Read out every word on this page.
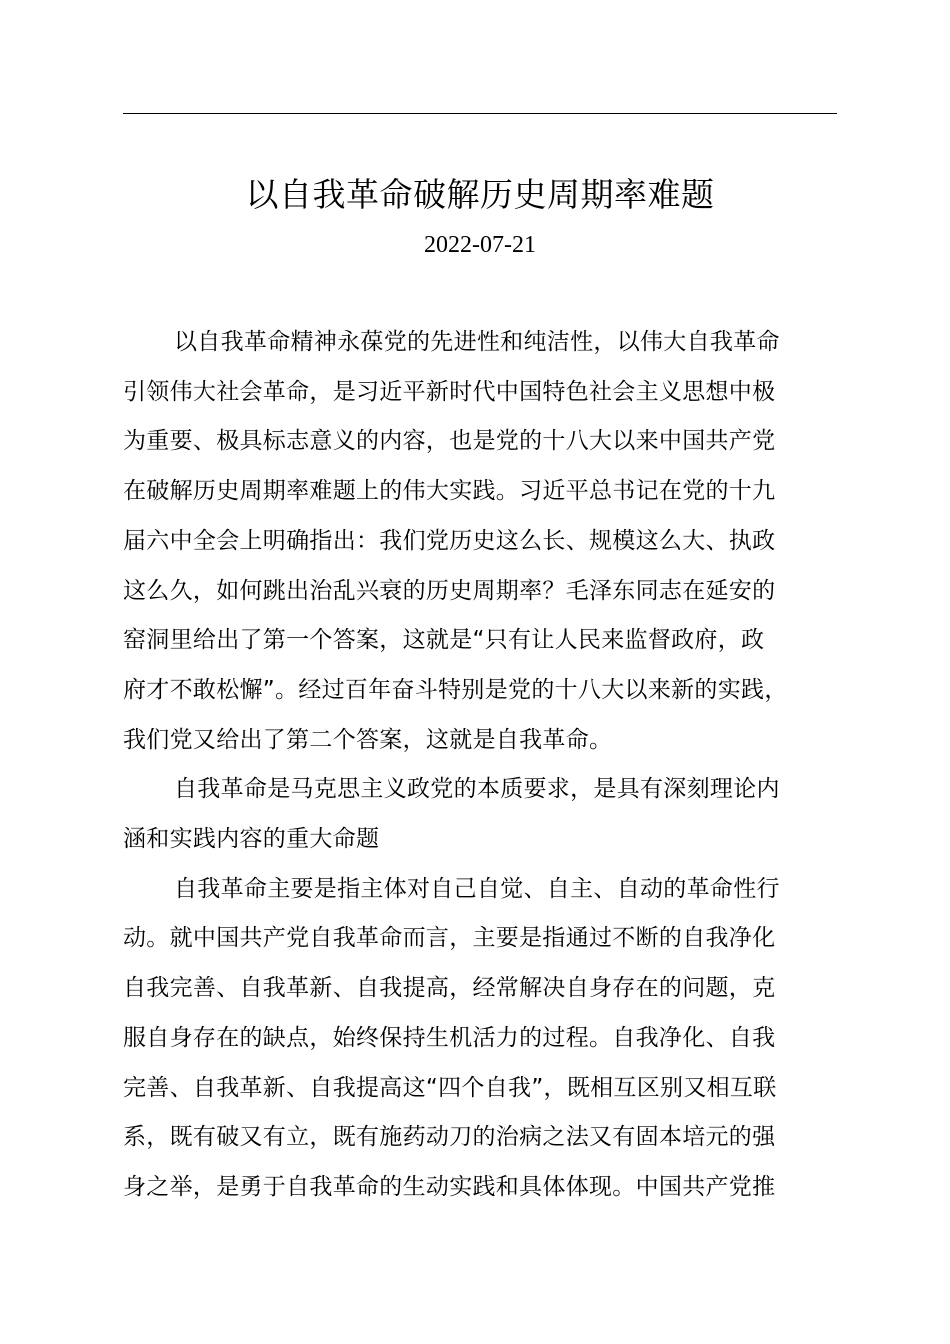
以自我革命破解历史周期率难题
2022-07-21

以自我革命精神永葆党的先进性和纯洁性，以伟大自我革命
引领伟大社会革命，是习近平新时代中国特色社会主义思想中极
为重要、极具标志意义的内容，也是党的十八大以来中国共产党
在破解历史周期率难题上的伟大实践。习近平总书记在党的十九
届六中全会上明确指出：我们党历史这么长、规模这么大、执政
这么久，如何跳出治乱兴衰的历史周期率？毛泽东同志在延安的
窑洞里给出了第一个答案，这就是“只有让人民来监督政府，政
府才不敢松懈”。经过百年奋斗特别是党的十八大以来新的实践，
我们党又给出了第二个答案，这就是自我革命。

自我革命是马克思主义政党的本质要求，是具有深刻理论内
涵和实践内容的重大命题

自我革命主要是指主体对自己自觉、自主、自动的革命性行
动。就中国共产党自我革命而言，主要是指通过不断的自我净化
自我完善、自我革新、自我提高，经常解决自身存在的问题，克
服自身存在的缺点，始终保持生机活力的过程。自我净化、自我
完善、自我革新、自我提高这“四个自我”，既相互区别又相互联
系，既有破又有立，既有施药动刀的治病之法又有固本培元的强
身之举，是勇于自我革命的生动实践和具体体现。中国共产党推
